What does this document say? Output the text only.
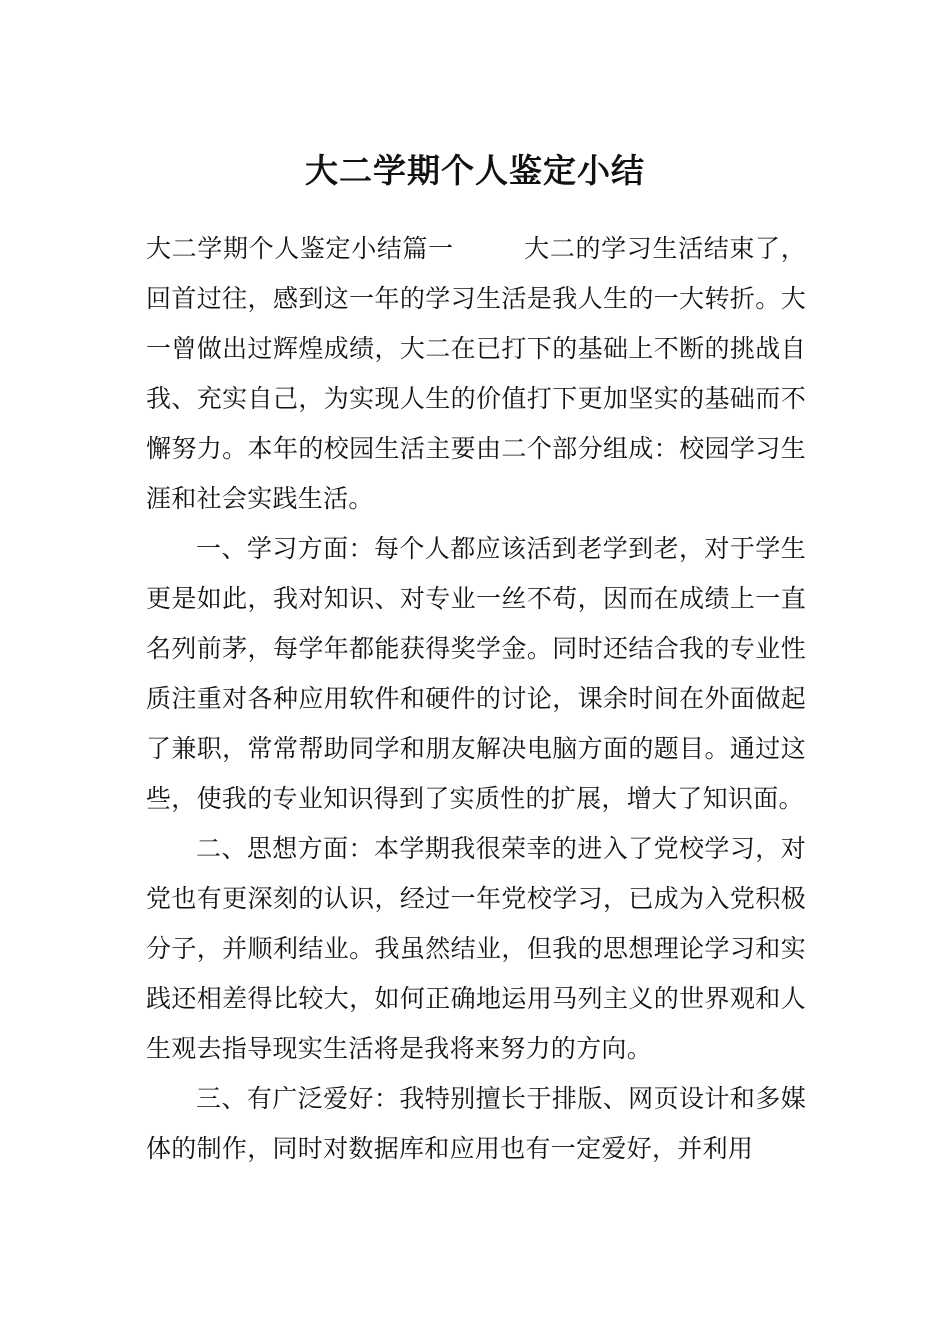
大二学期个人鉴定小结

大二学期个人鉴定小结篇一	大二的学习生活结束了，回首过往，感到这一年的学习生活是我人生的一大转折。大一曾做出过辉煌成绩，大二在已打下的基础上不断的挑战自我、充实自己，为实现人生的价值打下更加坚实的基础而不懈努力。本年的校园生活主要由二个部分组成：校园学习生涯和社会实践生活。

一、学习方面：每个人都应该活到老学到老，对于学生更是如此，我对知识、对专业一丝不苟，因而在成绩上一直名列前茅，每学年都能获得奖学金。同时还结合我的专业性质注重对各种应用软件和硬件的讨论，课余时间在外面做起了兼职，常常帮助同学和朋友解决电脑方面的题目。通过这些，使我的专业知识得到了实质性的扩展，增大了知识面。

二、思想方面：本学期我很荣幸的进入了党校学习，对党也有更深刻的认识，经过一年党校学习，已成为入党积极分子，并顺利结业。我虽然结业，但我的思想理论学习和实践还相差得比较大，如何正确地运用马列主义的世界观和人生观去指导现实生活将是我将来努力的方向。

三、有广泛爱好：我特别擅长于排版、网页设计和多媒体的制作，同时对数据库和应用也有一定爱好，并利用
